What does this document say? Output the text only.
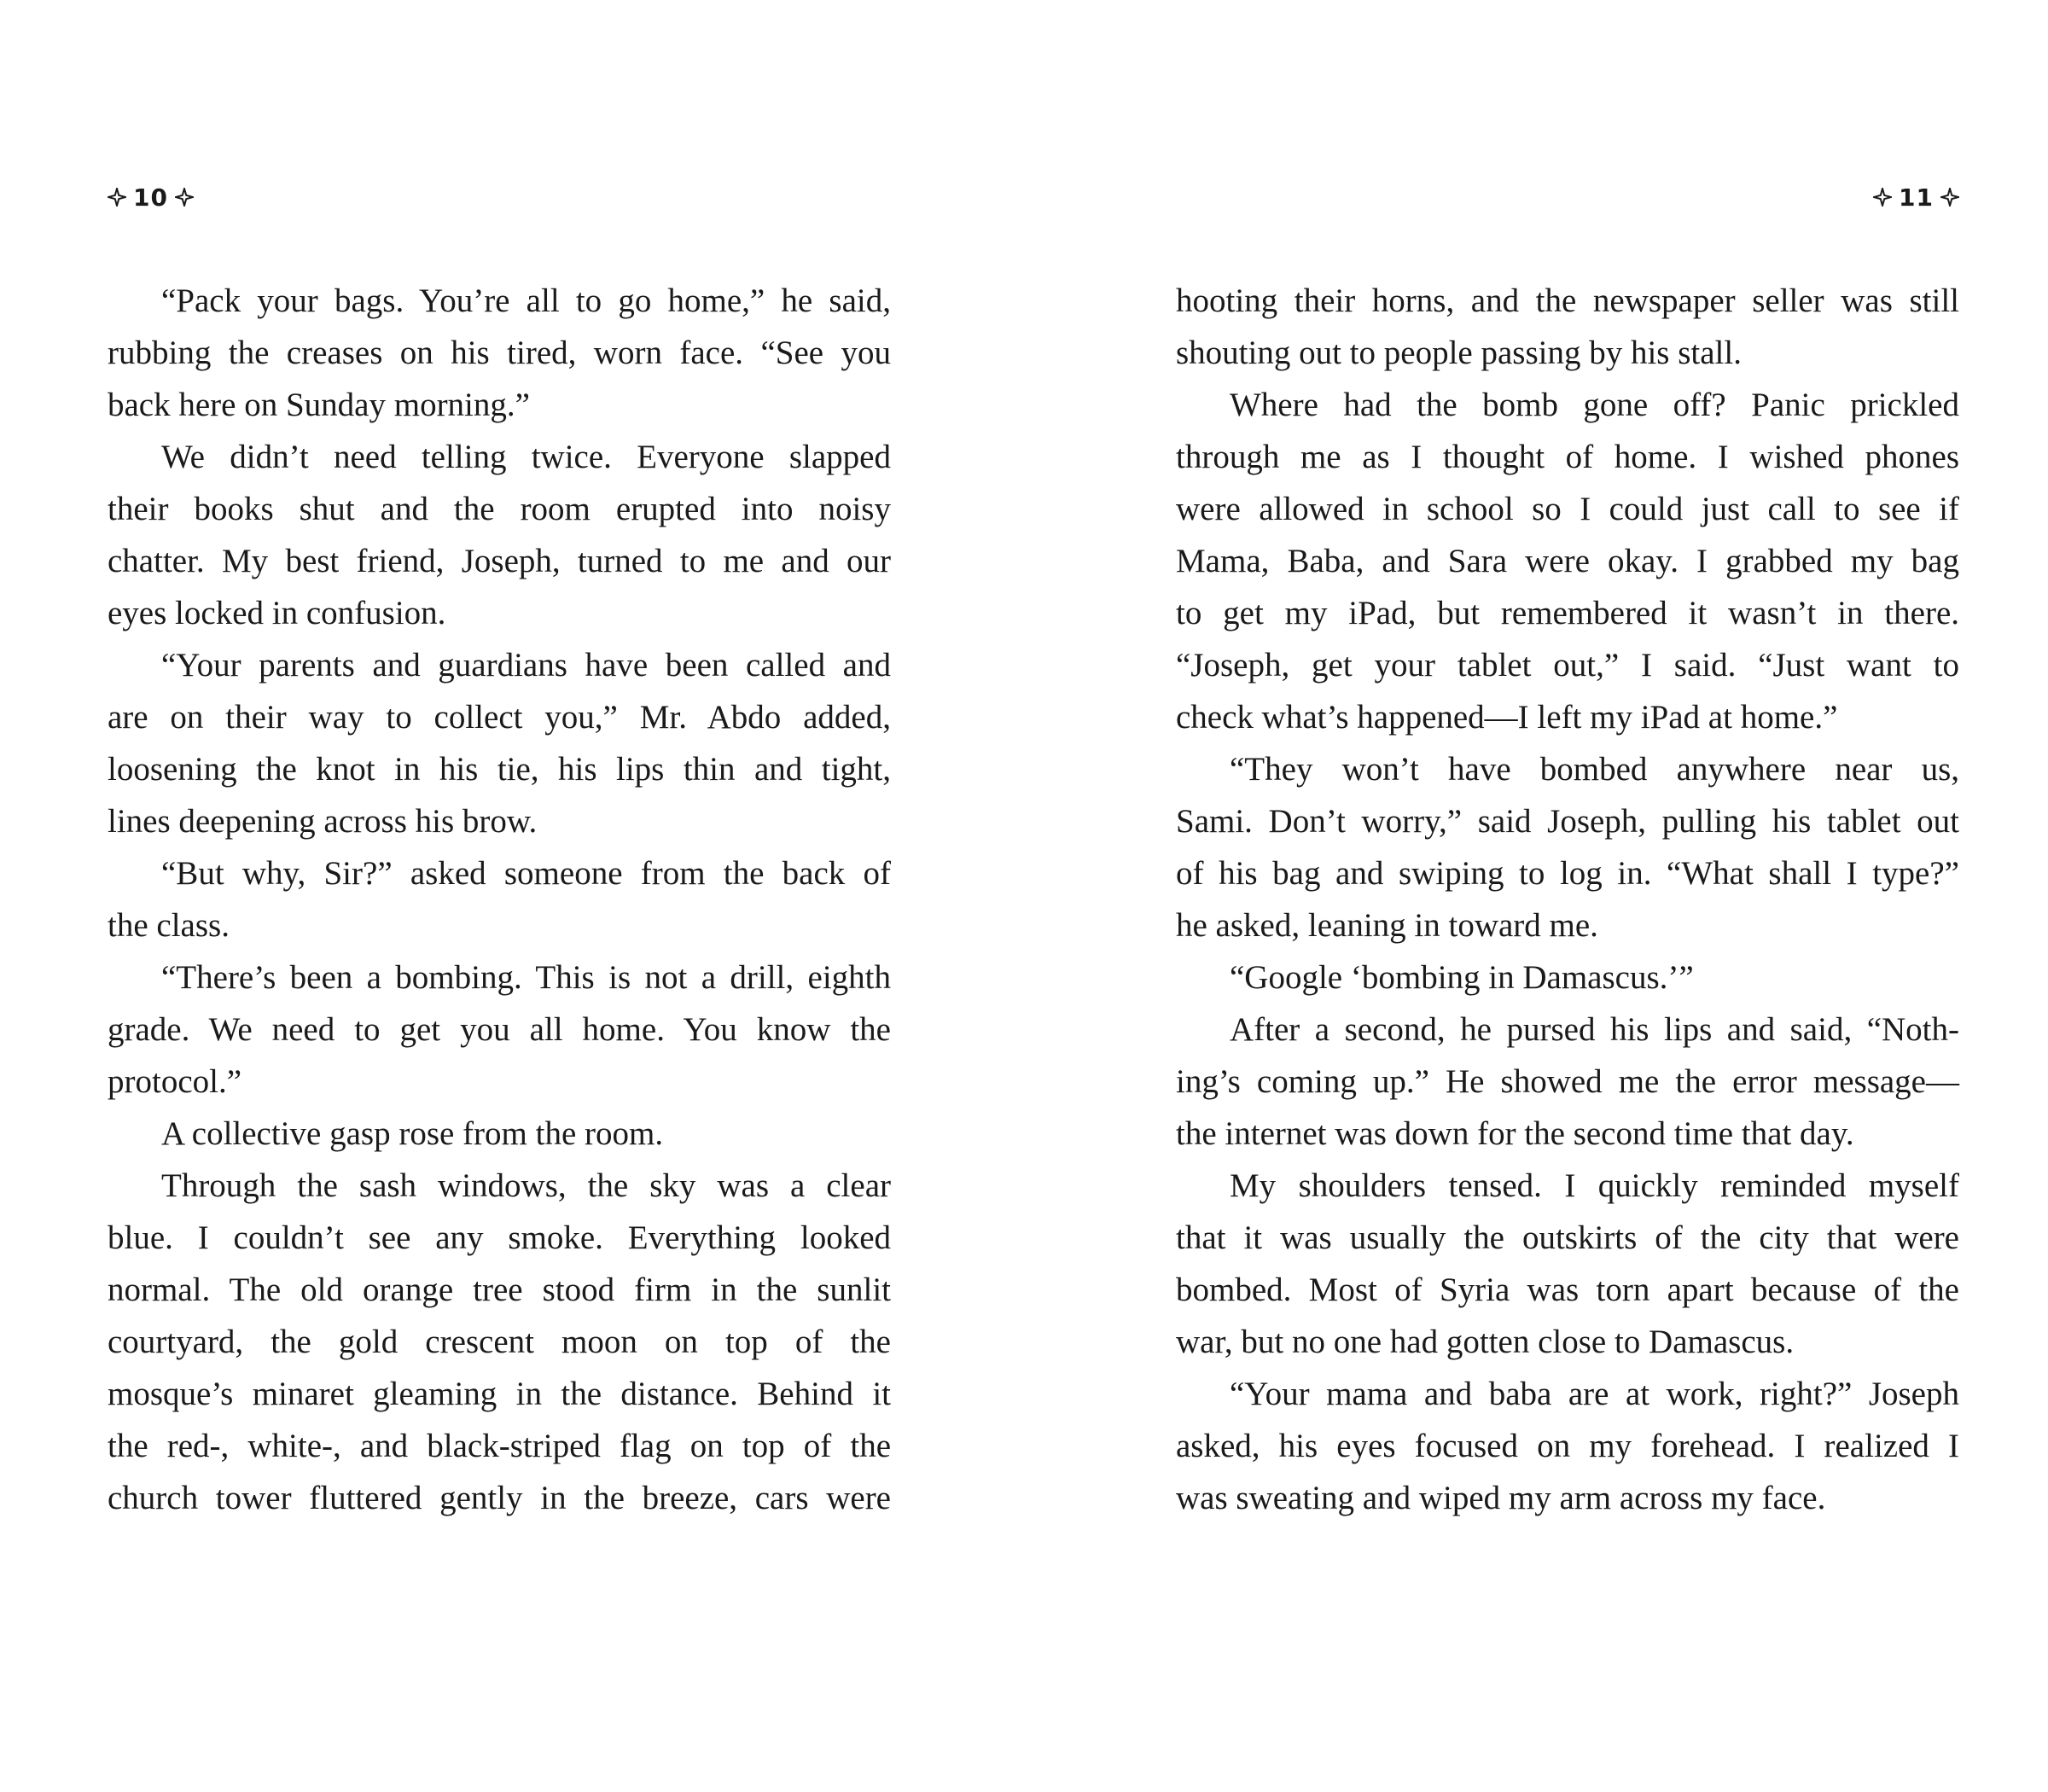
10
“Pack your bags. You’re all to go home,” he said,
rubbing the creases on his tired, worn face. “See you
back here on Sunday morning.”
We didn’t need telling twice. Everyone slapped
their books shut and the room erupted into noisy
chatter. My best friend, Joseph, turned to me and our
eyes locked in confusion.
“Your parents and guardians have been called and
are on their way to collect you,” Mr. Abdo added,
loosening the knot in his tie, his lips thin and tight,
lines deepening across his brow.
“But why, Sir?” asked someone from the back of
the class.
“There’s been a bombing. This is not a drill, eighth
grade. We need to get you all home. You know the
protocol.”
A collective gasp rose from the room.
Through the sash windows, the sky was a clear
blue. I couldn’t see any smoke. Everything looked
normal. The old orange tree stood firm in the sunlit
courtyard, the gold crescent moon on top of the
mosque’s minaret gleaming in the distance. Behind it
the red-, white-, and black-striped flag on top of the
church tower fluttered gently in the breeze, cars were
11
hooting their horns, and the newspaper seller was still
shouting out to people passing by his stall.
Where had the bomb gone off? Panic prickled
through me as I thought of home. I wished phones
were allowed in school so I could just call to see if
Mama, Baba, and Sara were okay. I grabbed my bag
to get my iPad, but remembered it wasn’t in there.
“Joseph, get your tablet out,” I said. “Just want to
check what’s happened—I left my iPad at home.”
“They won’t have bombed anywhere near us,
Sami. Don’t worry,” said Joseph, pulling his tablet out
of his bag and swiping to log in. “What shall I type?”
he asked, leaning in toward me.
“Google ‘bombing in Damascus.’”
After a second, he pursed his lips and said, “Noth-
ing’s coming up.” He showed me the error message—
the internet was down for the second time that day.
My shoulders tensed. I quickly reminded myself
that it was usually the outskirts of the city that were
bombed. Most of Syria was torn apart because of the
war, but no one had gotten close to Damascus.
“Your mama and baba are at work, right?” Joseph
asked, his eyes focused on my forehead. I realized I
was sweating and wiped my arm across my face.
